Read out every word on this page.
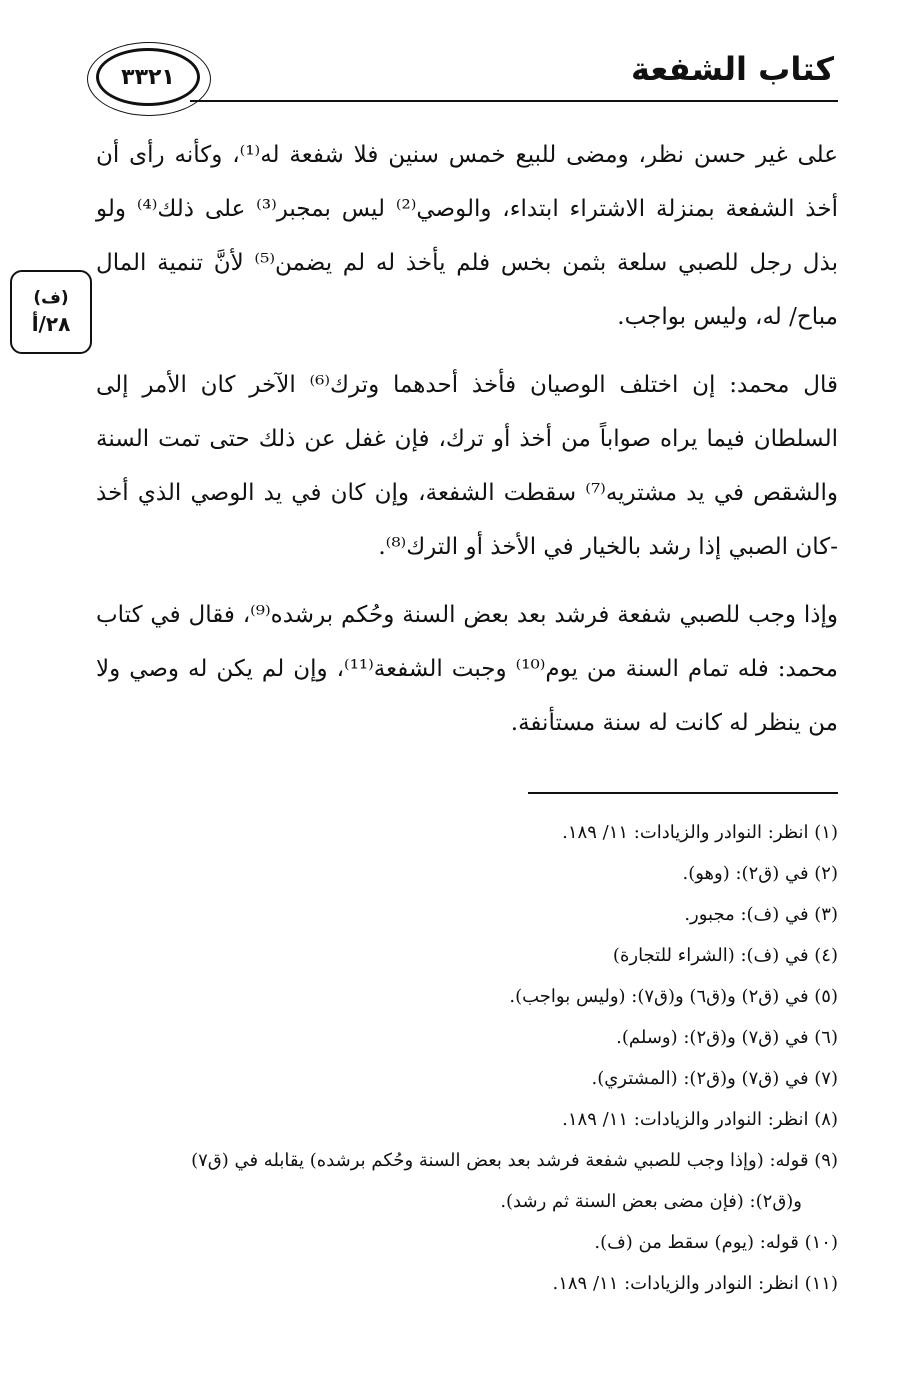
كتاب الشفعة
٣٣٢١
(ف)
٢٨/أ

على غير حسن نظر، ومضى للبيع خمس سنين فلا شفعة له⁽¹⁾، وكأنه رأى أن أخذ الشفعة بمنزلة الاشتراء ابتداء، والوصي⁽²⁾ ليس بمجبر⁽³⁾ على ذلك⁽⁴⁾ ولو بذل رجل للصبي سلعة بثمن بخس فلم يأخذ له لم يضمن⁽⁵⁾ لأنَّ تنمية المال مباح/ له، وليس بواجب.

قال محمد: إن اختلف الوصيان فأخذ أحدهما وترك⁽⁶⁾ الآخر كان الأمر إلى السلطان فيما يراه صواباً من أخذ أو ترك، فإن غفل عن ذلك حتى تمت السنة والشقص في يد مشتريه⁽⁷⁾ سقطت الشفعة، وإن كان في يد الوصي الذي أخذ -كان الصبي إذا رشد بالخيار في الأخذ أو الترك⁽⁸⁾.

وإذا وجب للصبي شفعة فرشد بعد بعض السنة وحُكم برشده⁽⁹⁾، فقال في كتاب محمد: فله تمام السنة من يوم⁽¹⁰⁾ وجبت الشفعة⁽¹¹⁾، وإن لم يكن له وصي ولا من ينظر له كانت له سنة مستأنفة.

(١) انظر: النوادر والزيادات: ١١/ ١٨٩.

(٢) في (ق٢): (وهو).

(٣) في (ف): مجبور.

(٤) في (ف): (الشراء للتجارة)

(٥) في (ق٢) و(ق٦) و(ق٧): (وليس بواجب).

(٦) في (ق٧) و(ق٢): (وسلم).

(٧) في (ق٧) و(ق٢): (المشتري).

(٨) انظر: النوادر والزيادات: ١١/ ١٨٩.

(٩) قوله: (وإذا وجب للصبي شفعة فرشد بعد بعض السنة وحُكم برشده) يقابله في (ق٧)

و(ق٢): (فإن مضى بعض السنة ثم رشد).

(١٠) قوله: (يوم) سقط من (ف).

(١١) انظر: النوادر والزيادات: ١١/ ١٨٩.
